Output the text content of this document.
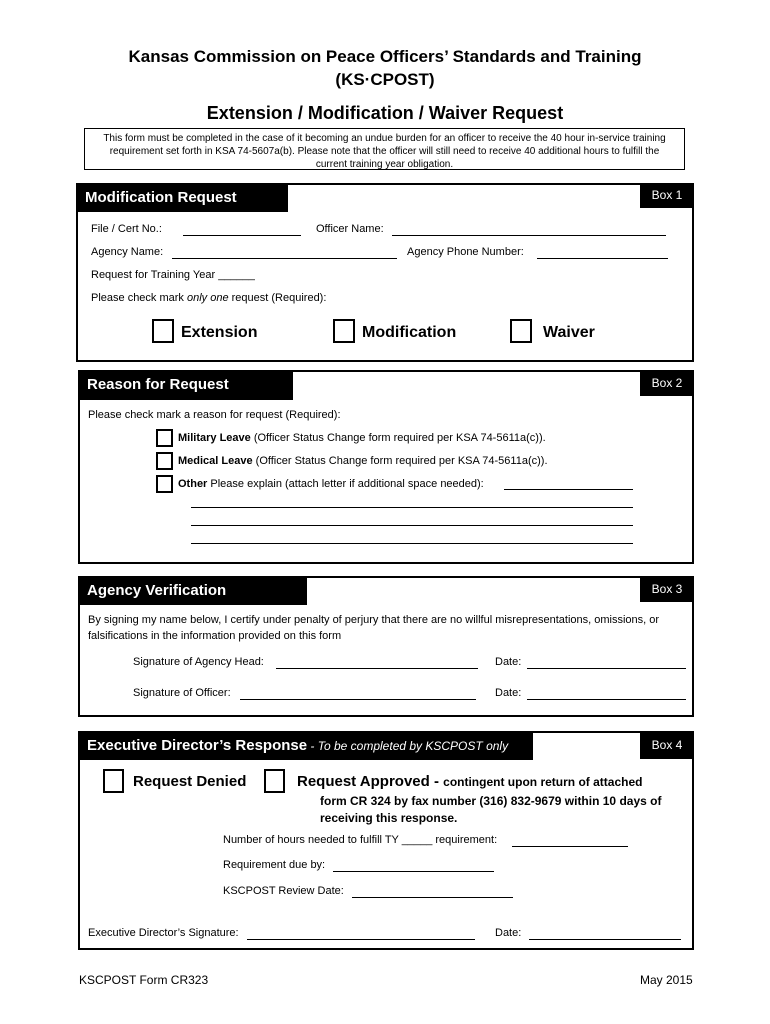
Kansas Commission on Peace Officers’ Standards and Training
(KS·CPOST)
Extension / Modification / Waiver Request
This form must be completed in the case of it becoming an undue burden for an officer to receive the 40 hour in-service training requirement set forth in KSA 74-5607a(b). Please note that the officer will still need to receive 40 additional hours to fulfill the current training year obligation.
Modification Request	Box 1
File / Cert No.:	Officer Name:
Agency Name:	Agency Phone Number:
Request for Training Year ______
Please check mark only one request (Required):
Extension	Modification	Waiver
Reason for Request	Box 2
Please check mark a reason for request (Required):
Military Leave (Officer Status Change form required per KSA 74-5611a(c)).
Medical Leave (Officer Status Change form required per KSA 74-5611a(c)).
Other Please explain (attach letter if additional space needed):
Agency Verification	Box 3
By signing my name below, I certify under penalty of perjury that there are no willful misrepresentations, omissions, or falsifications in the information provided on this form
Signature of Agency Head:	Date:
Signature of Officer:	Date:
Executive Director’s Response - To be completed by KSCPOST only	Box 4
Request Denied	Request Approved - contingent upon return of attached
form CR 324 by fax number (316) 832-9679 within 10 days of
receiving this response.
Number of hours needed to fulfill TY _____ requirement:
Requirement due by:
KSCPOST Review Date:
Executive Director’s Signature:	Date:
KSCPOST Form CR323	May 2015
